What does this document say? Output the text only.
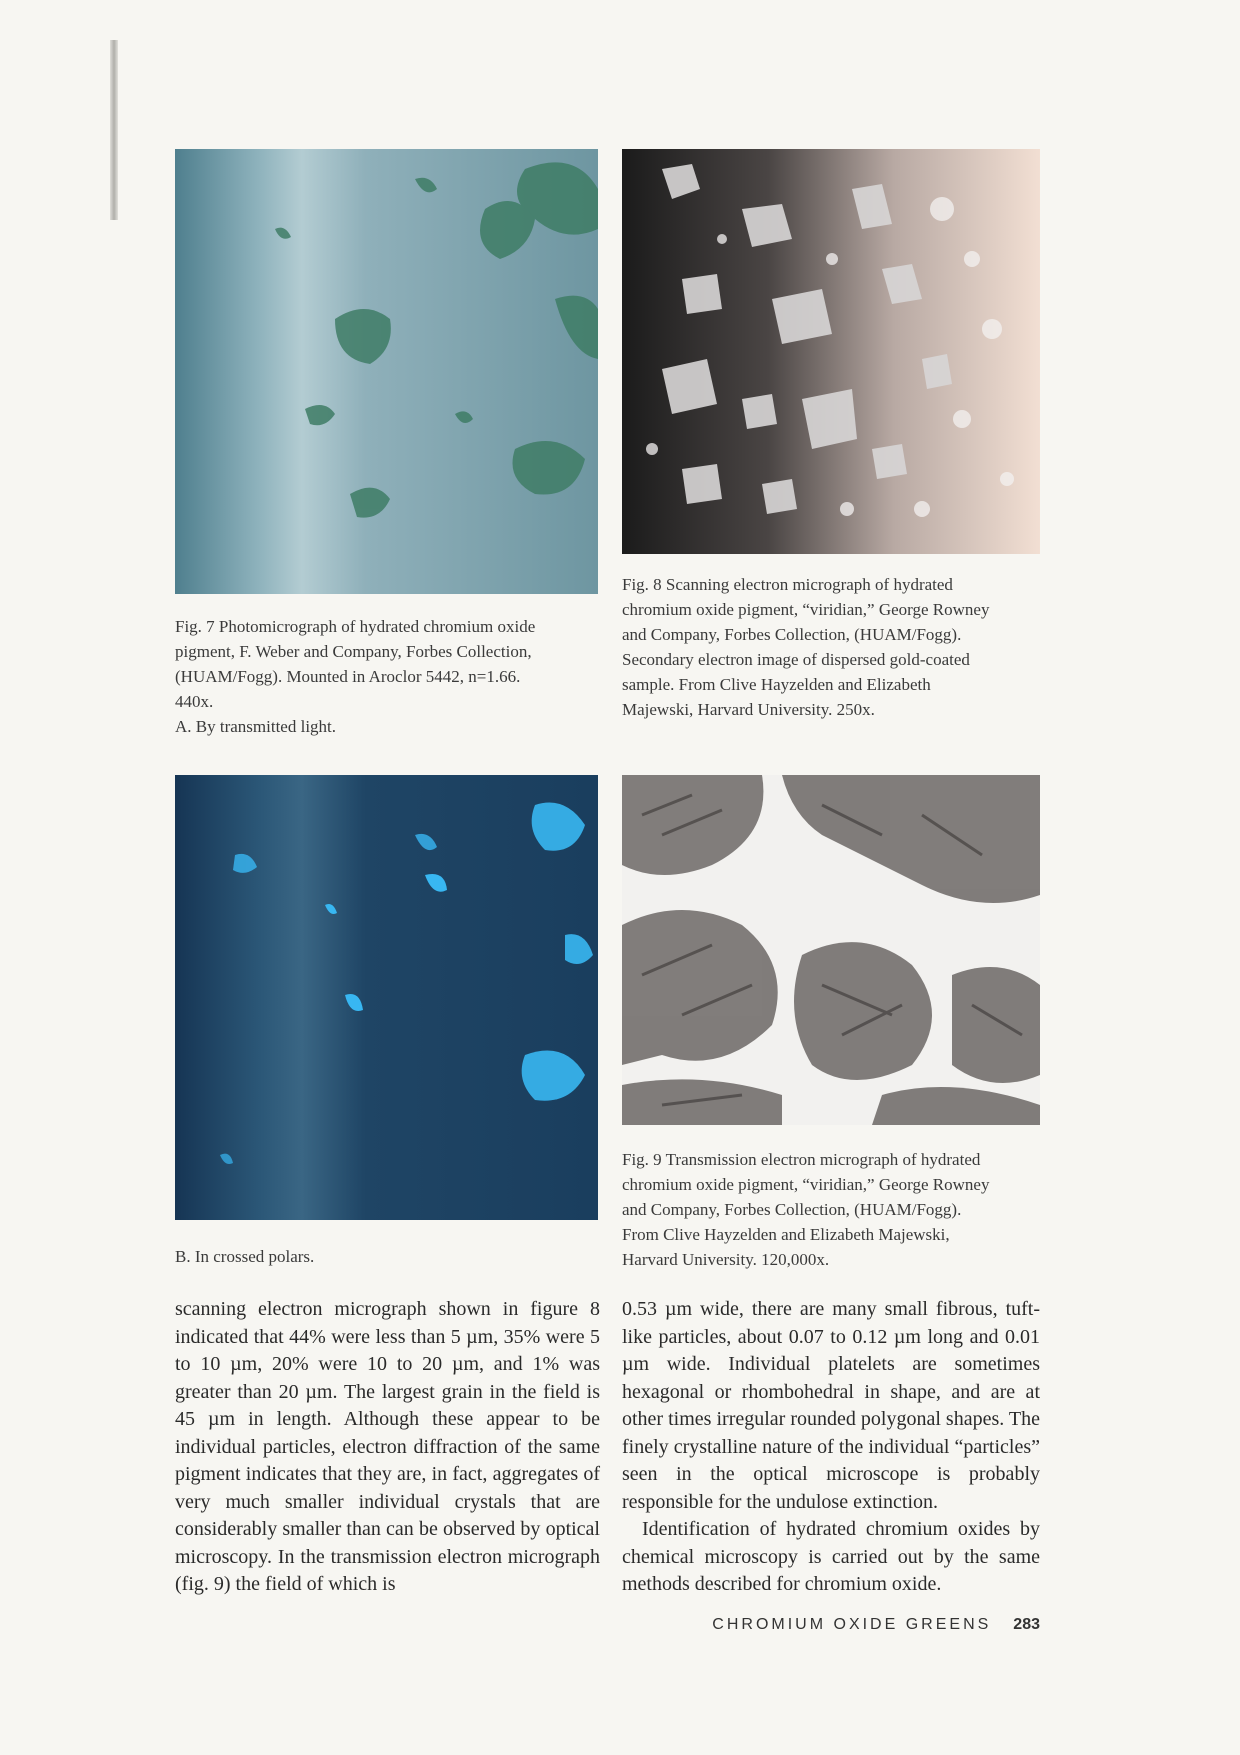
Fig. 7 Photomicrograph of hydrated chromium oxide

pigment, F. Weber and Company, Forbes Collection,

(HUAM/Fogg). Mounted in Aroclor 5442, n=1.66.

440x.

A. By transmitted light.

Fig. 8 Scanning electron micrograph of hydrated

chromium oxide pigment, “viridian,” George Rowney

and Company, Forbes Collection, (HUAM/Fogg).

Secondary electron image of dispersed gold-coated

sample. From Clive Hayzelden and Elizabeth

Majewski, Harvard University. 250x.

B. In crossed polars.

Fig. 9 Transmission electron micrograph of hydrated

chromium oxide pigment, “viridian,” George Rowney

and Company, Forbes Collection, (HUAM/Fogg).

From Clive Hayzelden and Elizabeth Majewski,

Harvard University. 120,000x.

scanning electron micrograph shown in figure 8 indicated that 44% were less than 5 µm, 35% were 5 to 10 µm, 20% were 10 to 20 µm, and 1% was greater than 20 µm. The largest grain in the field is 45 µm in length. Although these appear to be individual particles, electron diffraction of the same pigment indicates that they are, in fact, aggregates of very much smaller individual crystals that are considerably smaller than can be observed by optical microscopy. In the transmission electron micrograph (fig. 9) the field of which is

0.53 µm wide, there are many small fibrous, tuft-like particles, about 0.07 to 0.12 µm long and 0.01 µm wide. Individual platelets are sometimes hexagonal or rhombohedral in shape, and are at other times irregular rounded polygonal shapes. The finely crystalline nature of the individual “particles” seen in the optical microscope is probably responsible for the undulose extinction.

Identification of hydrated chromium oxides by chemical microscopy is carried out by the same methods described for chromium oxide.

CHROMIUM OXIDE GREENS 283
